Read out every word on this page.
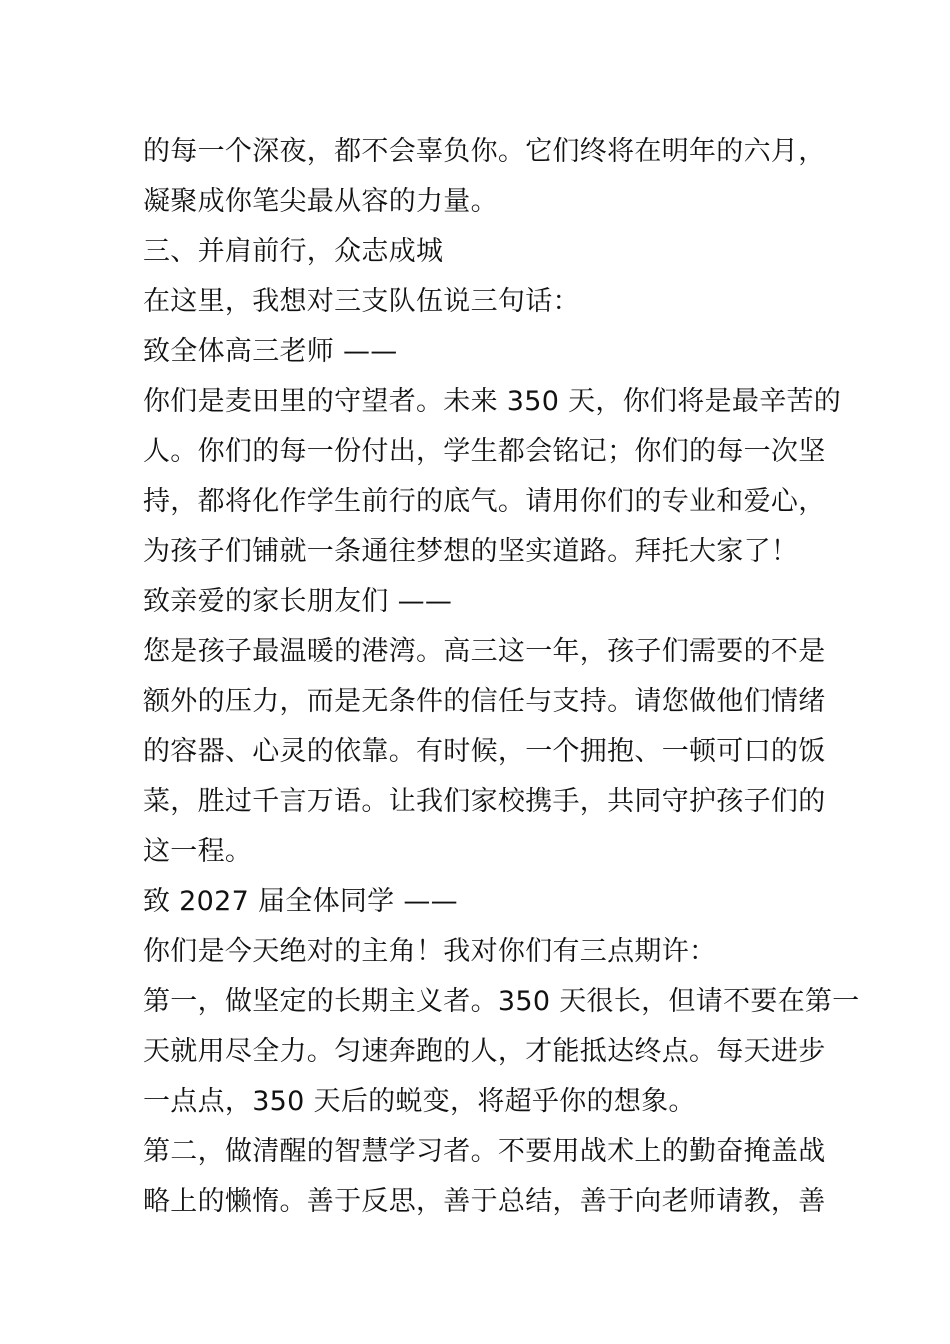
的每一个深夜，都不会辜负你。它们终将在明年的六月，
凝聚成你笔尖最从容的力量。
三、并肩前行，众志成城
在这里，我想对三支队伍说三句话：
致全体高三老师 ——
你们是麦田里的守望者。未来 350 天，你们将是最辛苦的
人。你们的每一份付出，学生都会铭记；你们的每一次坚
持，都将化作学生前行的底气。请用你们的专业和爱心，
为孩子们铺就一条通往梦想的坚实道路。拜托大家了！
致亲爱的家长朋友们 ——
您是孩子最温暖的港湾。高三这一年，孩子们需要的不是
额外的压力，而是无条件的信任与支持。请您做他们情绪
的容器、心灵的依靠。有时候，一个拥抱、一顿可口的饭
菜，胜过千言万语。让我们家校携手，共同守护孩子们的
这一程。
致 2027 届全体同学 ——
你们是今天绝对的主角！我对你们有三点期许：
第一，做坚定的长期主义者。350 天很长，但请不要在第一
天就用尽全力。匀速奔跑的人，才能抵达终点。每天进步
一点点，350 天后的蜕变，将超乎你的想象。
第二，做清醒的智慧学习者。不要用战术上的勤奋掩盖战
略上的懒惰。善于反思，善于总结，善于向老师请教，善
